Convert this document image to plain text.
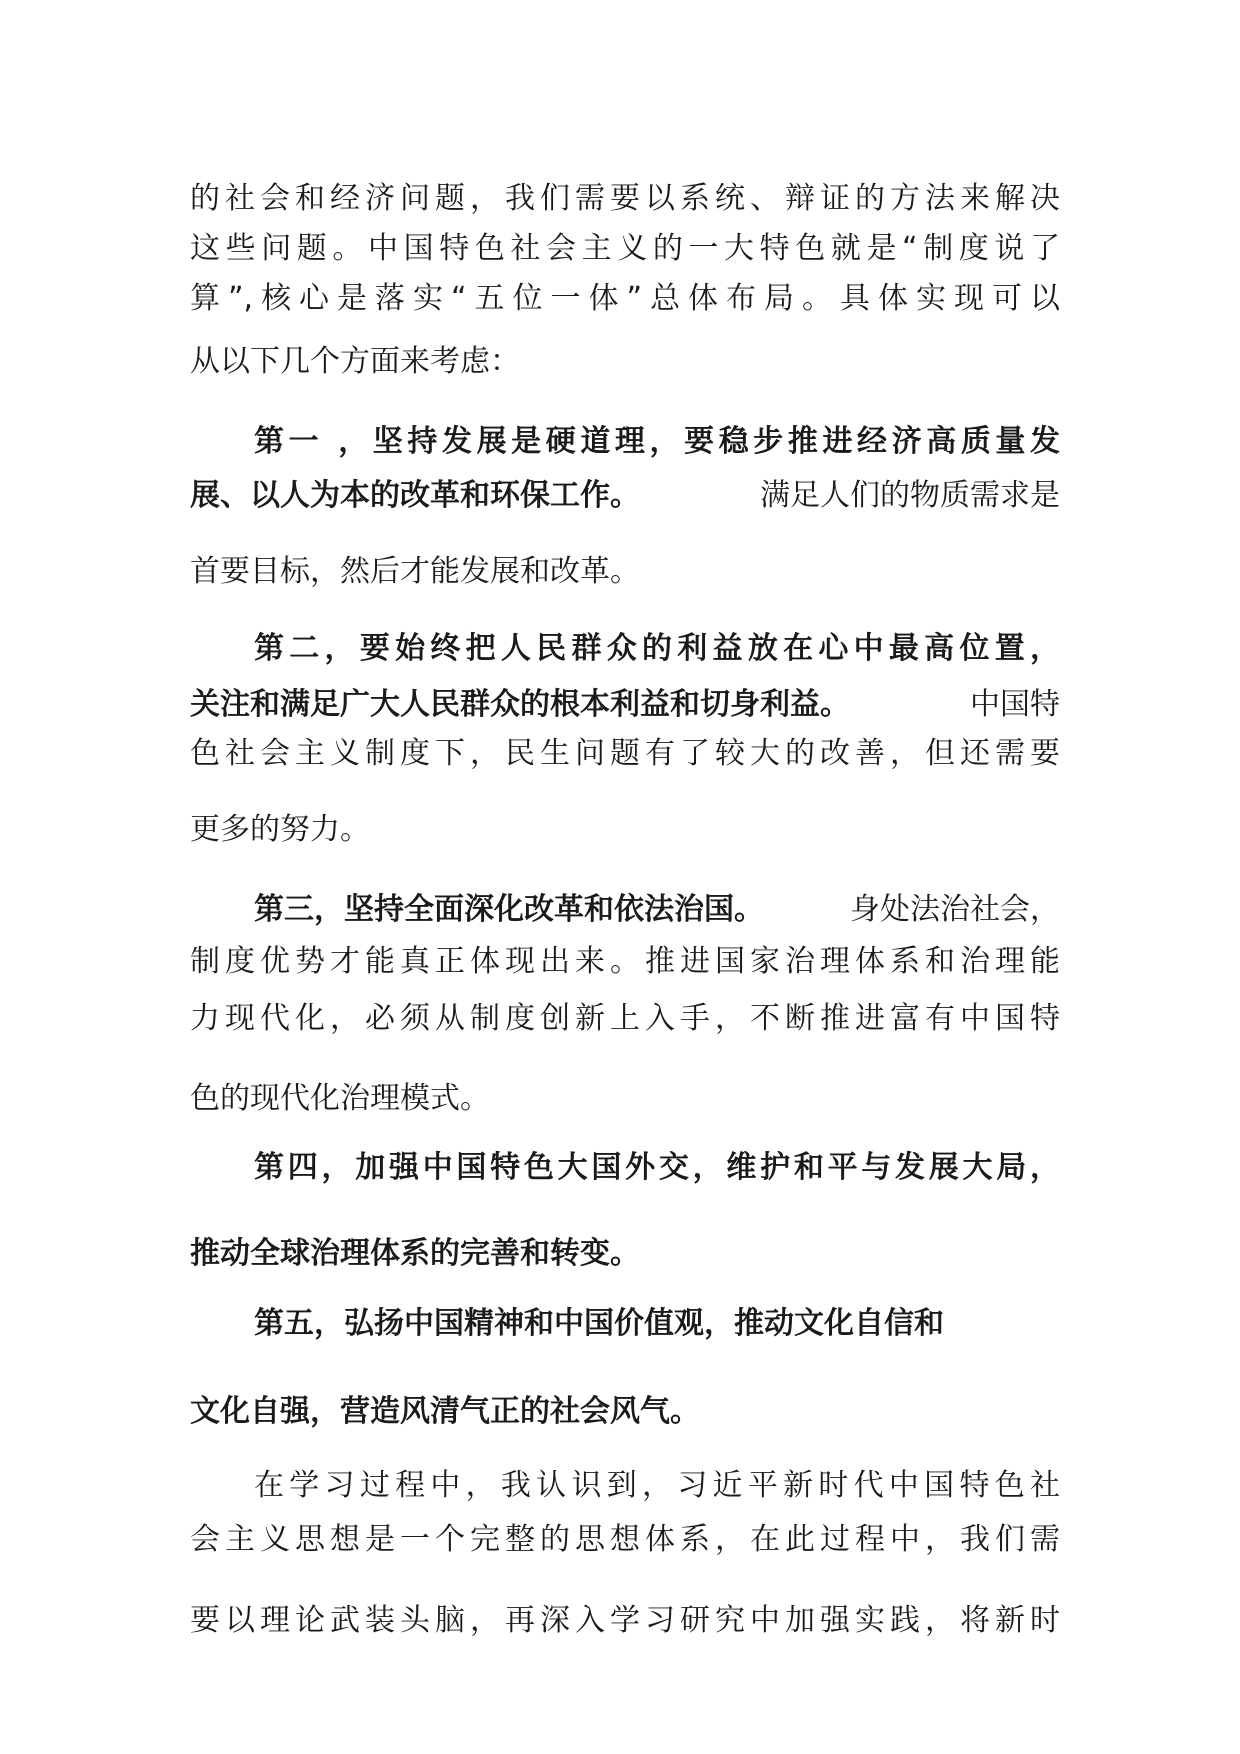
的社会和经济问题，我们需要以系统、辩证的方法来解决
这些问题。中国特色社会主义的一大特色就是“制度说了
算”,核心是落实“五位一体”总体布局。具体实现可以
从以下几个方面来考虑：
第一 ，坚持发展是硬道理，要稳步推进经济高质量发
展、以人为本的改革和环保工作。	满足人们的物质需求是
首要目标，然后才能发展和改革。
第二，要始终把人民群众的利益放在心中最高位置，
关注和满足广大人民群众的根本利益和切身利益。	中国特
色社会主义制度下，民生问题有了较大的改善，但还需要
更多的努力。
第三，坚持全面深化改革和依法治国。	身处法治社会，
制度优势才能真正体现出来。推进国家治理体系和治理能
力现代化，必须从制度创新上入手，不断推进富有中国特
色的现代化治理模式。
第四，加强中国特色大国外交，维护和平与发展大局，
推动全球治理体系的完善和转变。
第五，弘扬中国精神和中国价值观，推动文化自信和
文化自强，营造风清气正的社会风气。
在学习过程中，我认识到，习近平新时代中国特色社
会主义思想是一个完整的思想体系，在此过程中，我们需
要以理论武装头脑，再深入学习研究中加强实践，将新时
